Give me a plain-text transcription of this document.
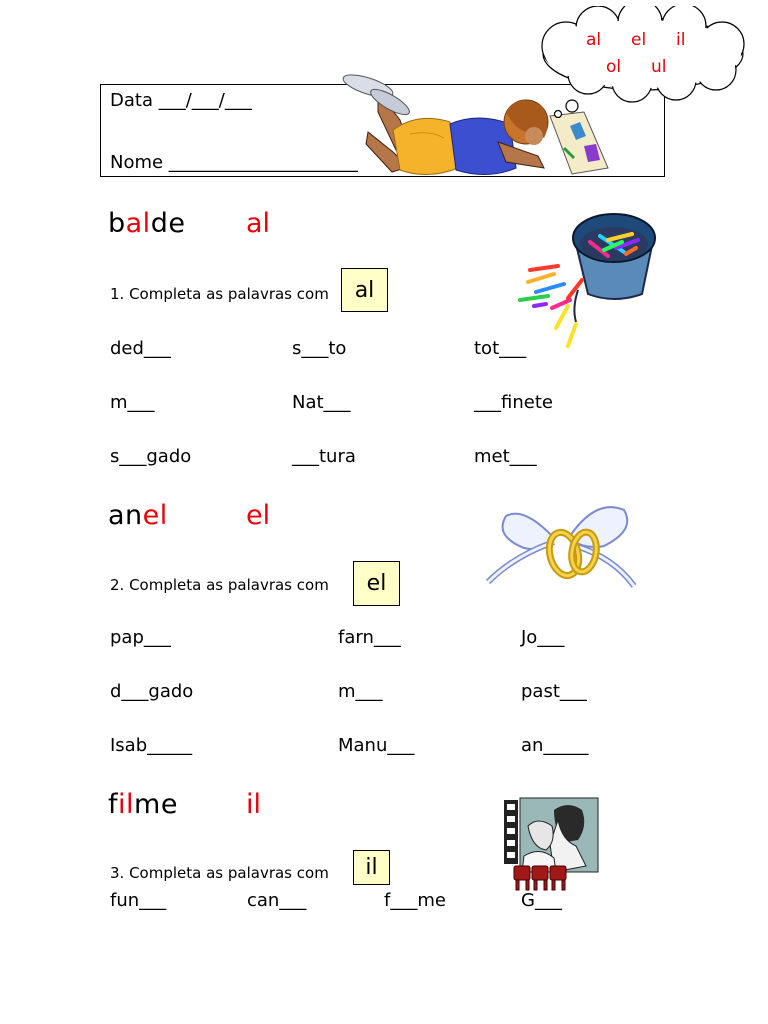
Data ___/___/___
Nome _____________________
al el il
ol ul
balde al
1. Completa as palavras com	al
ded___	s___to	tot___
m___	Nat___	___finete
s___gado	___tura	met___
anel	el
2. Completa as palavras com	el
pap___	farn___	Jo___
d___gado	m___	past___
Isab_____	Manu___	an_____
filme	il
3. Completa as palavras com	il
fun___	can___	f___me	G___
